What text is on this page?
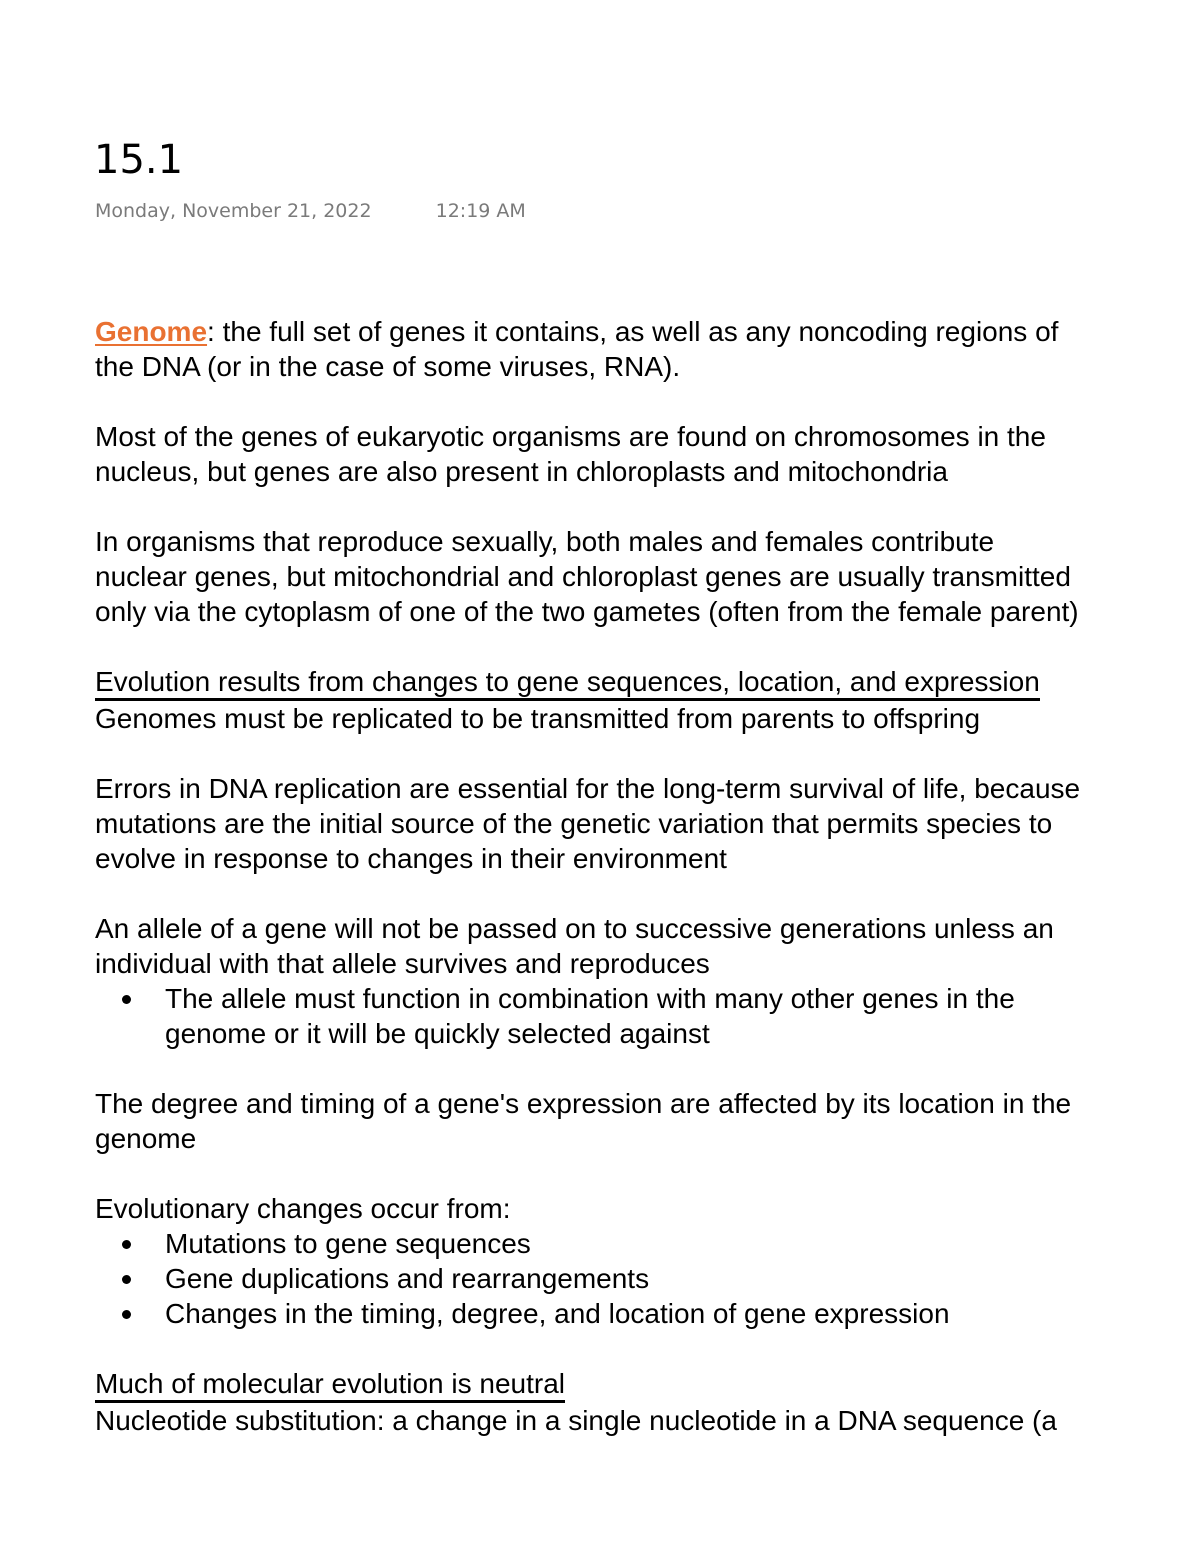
15.1
Monday, November 21, 2022	12:19 AM

Genome: the full set of genes it contains, as well as any noncoding regions of

the DNA (or in the case of some viruses, RNA).

Most of the genes of eukaryotic organisms are found on chromosomes in the

nucleus, but genes are also present in chloroplasts and mitochondria

In organisms that reproduce sexually, both males and females contribute

nuclear genes, but mitochondrial and chloroplast genes are usually transmitted

only via the cytoplasm of one of the two gametes (often from the female parent)

Evolution results from changes to gene sequences, location, and expression

Genomes must be replicated to be transmitted from parents to offspring

Errors in DNA replication are essential for the long-term survival of life, because

mutations are the initial source of the genetic variation that permits species to

evolve in response to changes in their environment

An allele of a gene will not be passed on to successive generations unless an

individual with that allele survives and reproduces

The allele must function in combination with many other genes in the
genome or it will be quickly selected against

The degree and timing of a gene's expression are affected by its location in the

genome

Evolutionary changes occur from:

Mutations to gene sequences
Gene duplications and rearrangements
Changes in the timing, degree, and location of gene expression

Much of molecular evolution is neutral

Nucleotide substitution: a change in a single nucleotide in a DNA sequence (a
